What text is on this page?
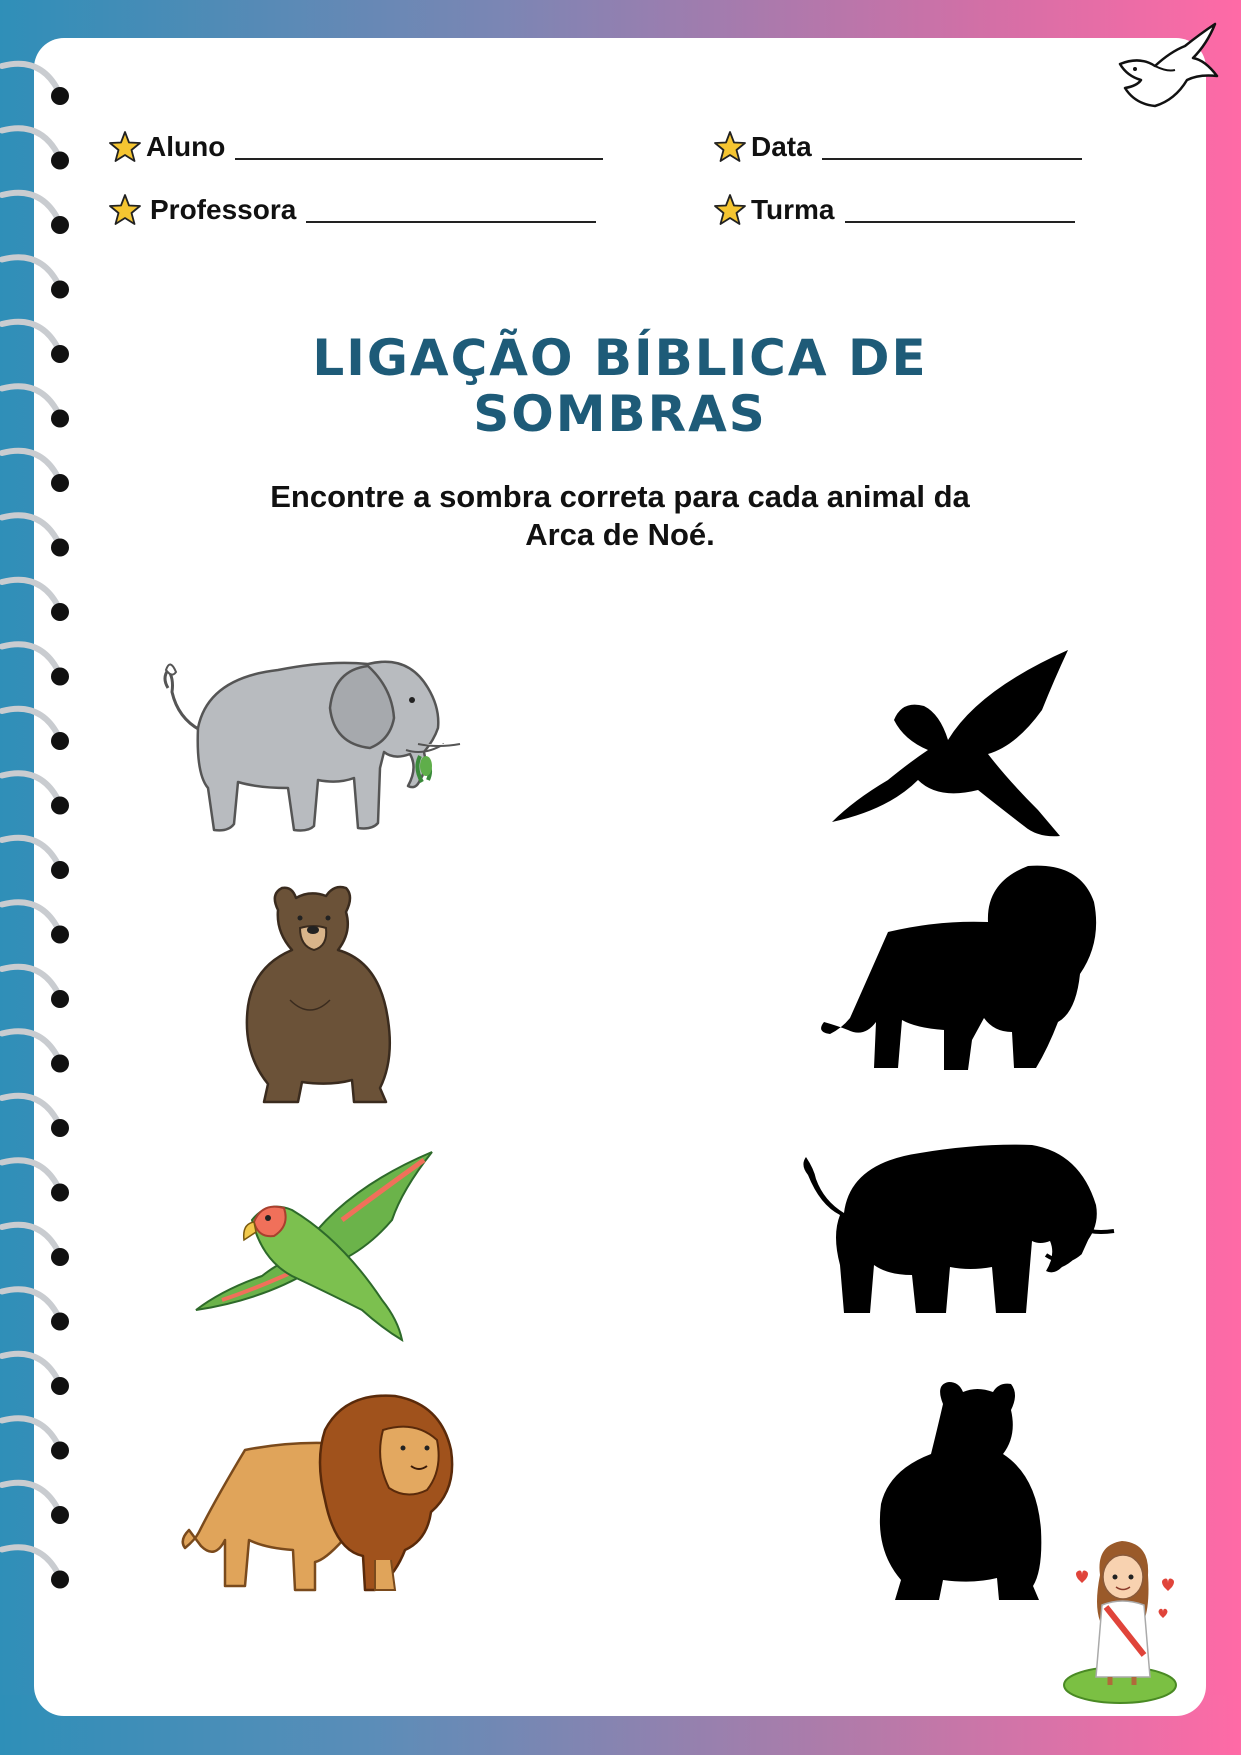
Aluno	Data
Professora	Turma
LIGAÇÃO BÍBLICA DE
SOMBRAS
Encontre a sombra correta para cada animal da
Arca de Noé.
